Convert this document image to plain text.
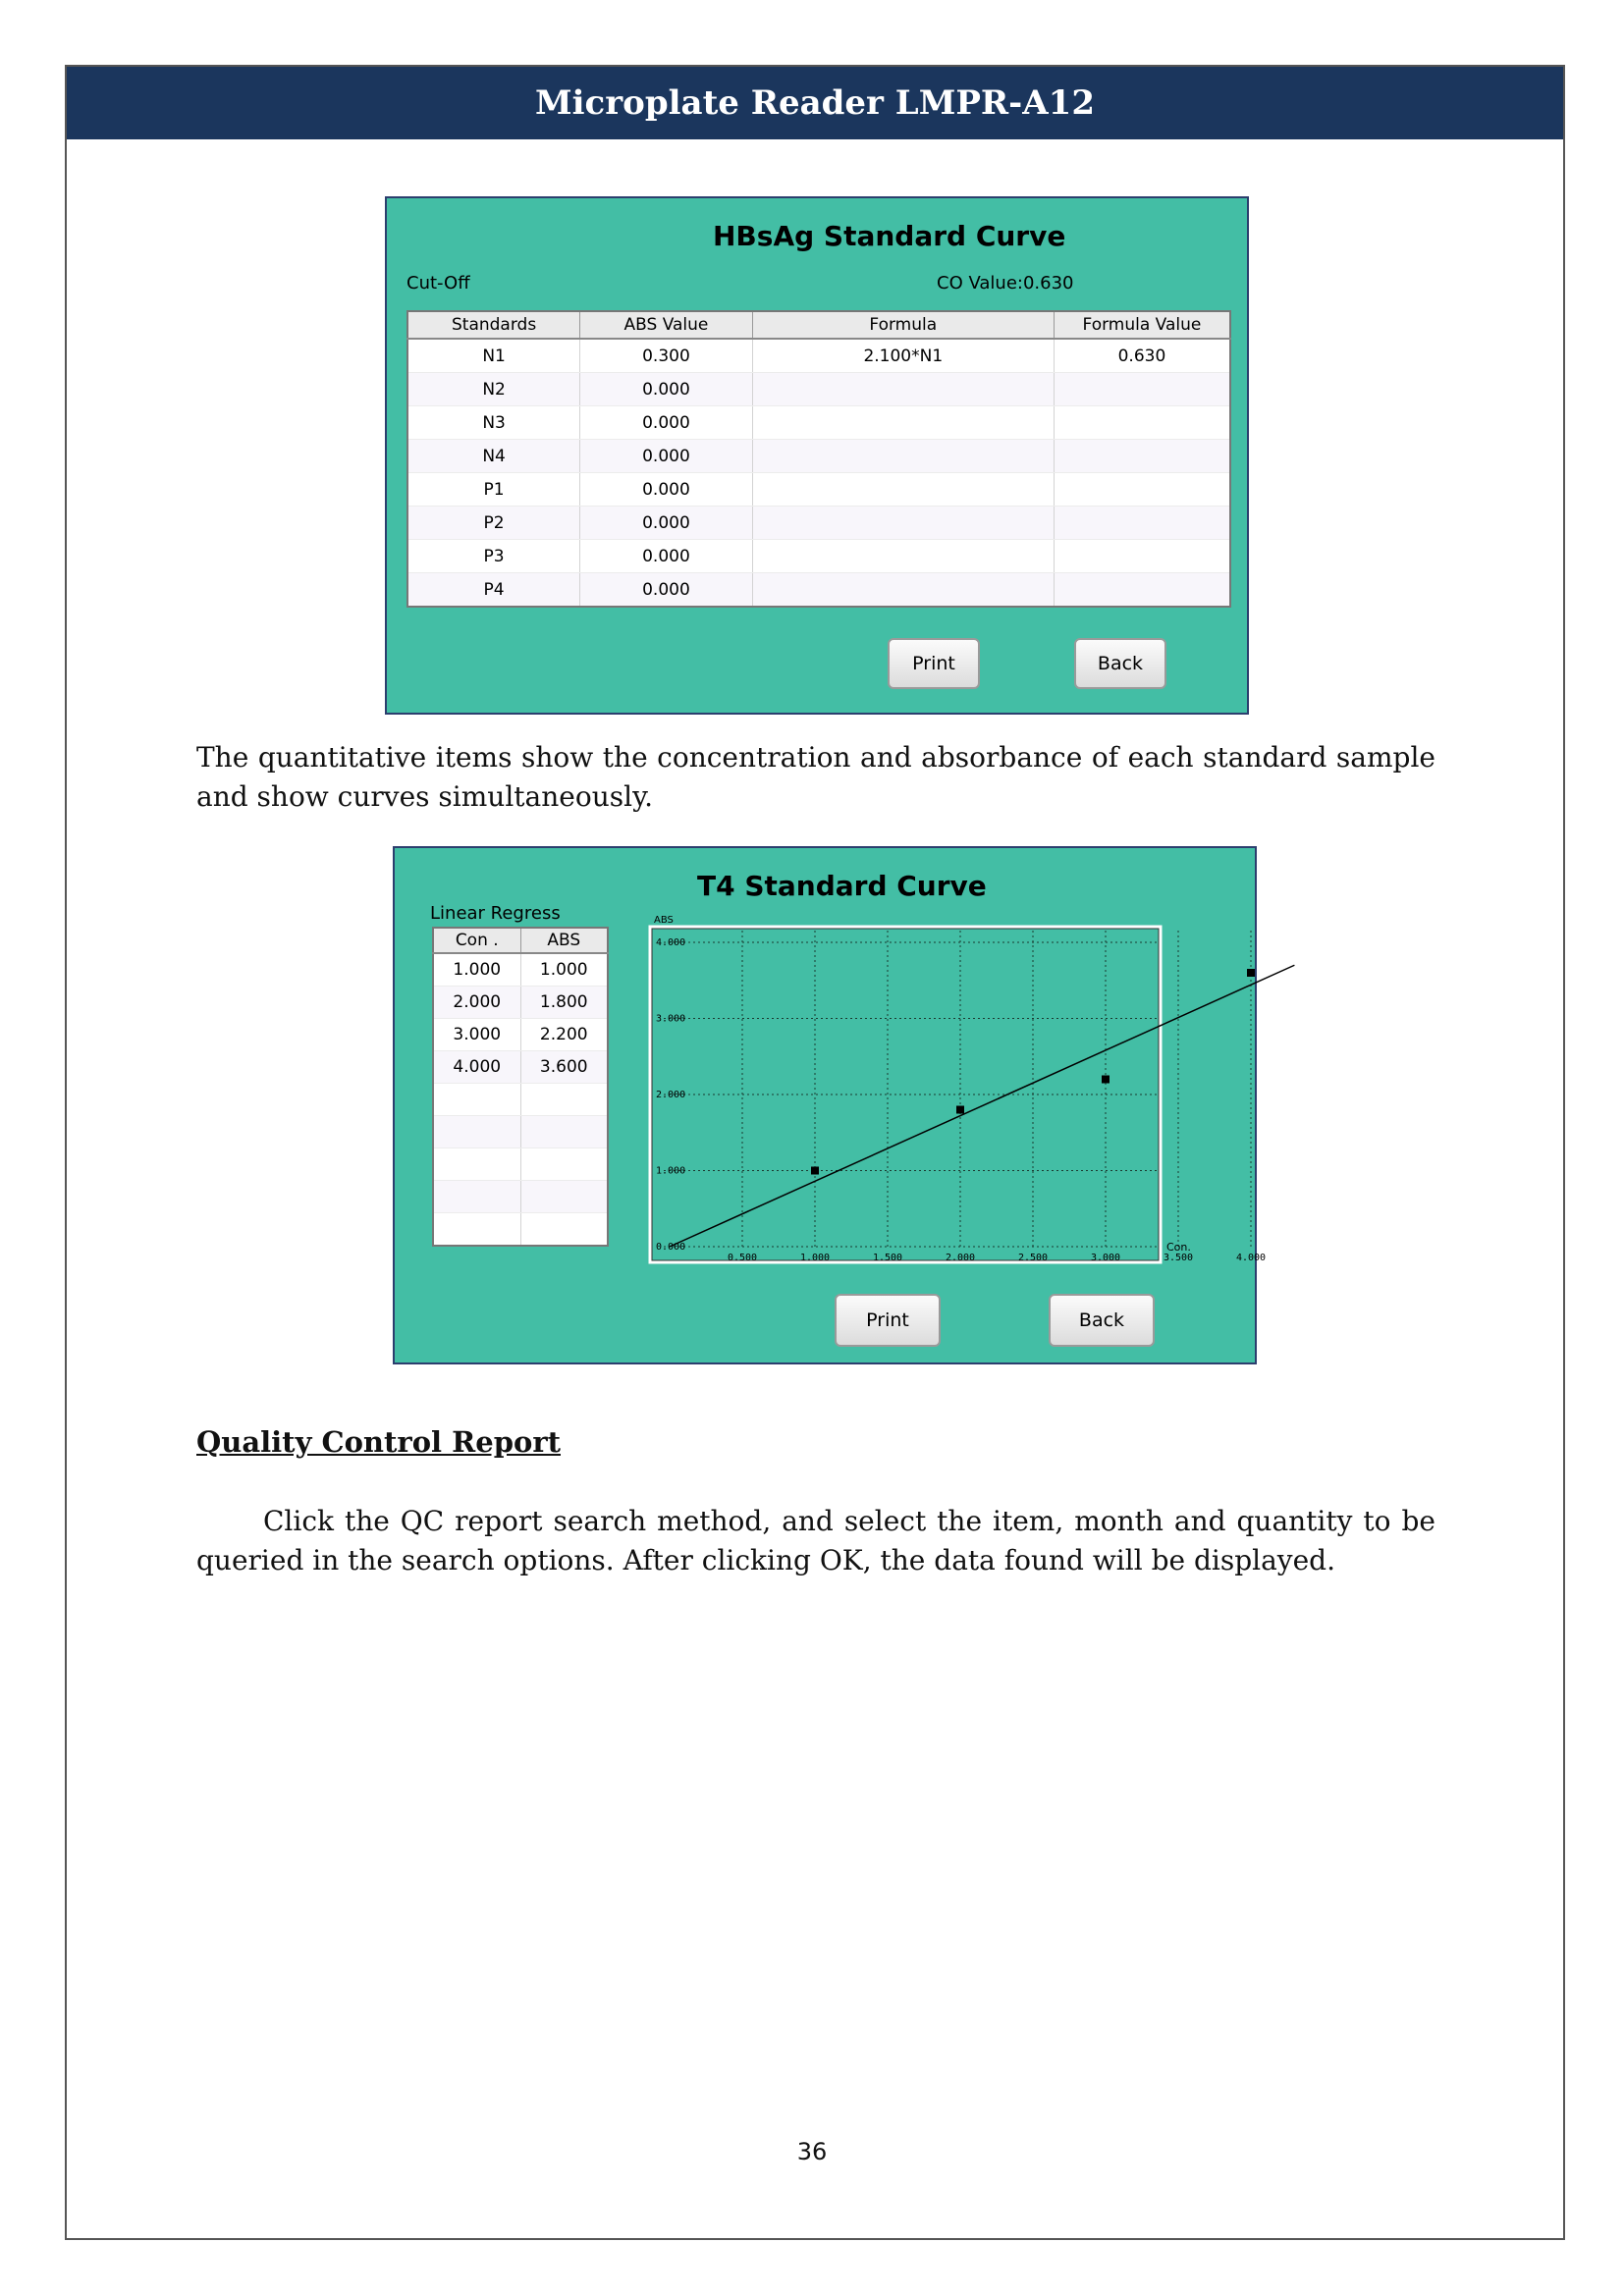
Microplate Reader LMPR-A12
HBsAg Standard Curve
Cut-Off	CO Value:0.630
Standards	ABS Value	Formula	Formula Value
N1	0.300	2.100*N1	0.630
N2	0.000		
N3	0.000		
N4	0.000		
P1	0.000		
P2	0.000		
P3	0.000		
P4	0.000		
Print	Back

The quantitative items show the concentration and absorbance of each standard sample and show curves simultaneously.

T4 Standard Curve
Linear Regress
Con .	ABS
1.000	1.000
2.000	1.800
3.000	2.200
4.000	3.600

0.500	1.000	1.500	2.000	2.500	3.000	3.500	4.000
0.000
1.000
2.000
3.000
4.000
ABS
Con.
Print	Back
Quality Control Report

Click the QC report search method, and select the item, month and quantity to be queried in the search options. After clicking OK, the data found will be displayed.

36
